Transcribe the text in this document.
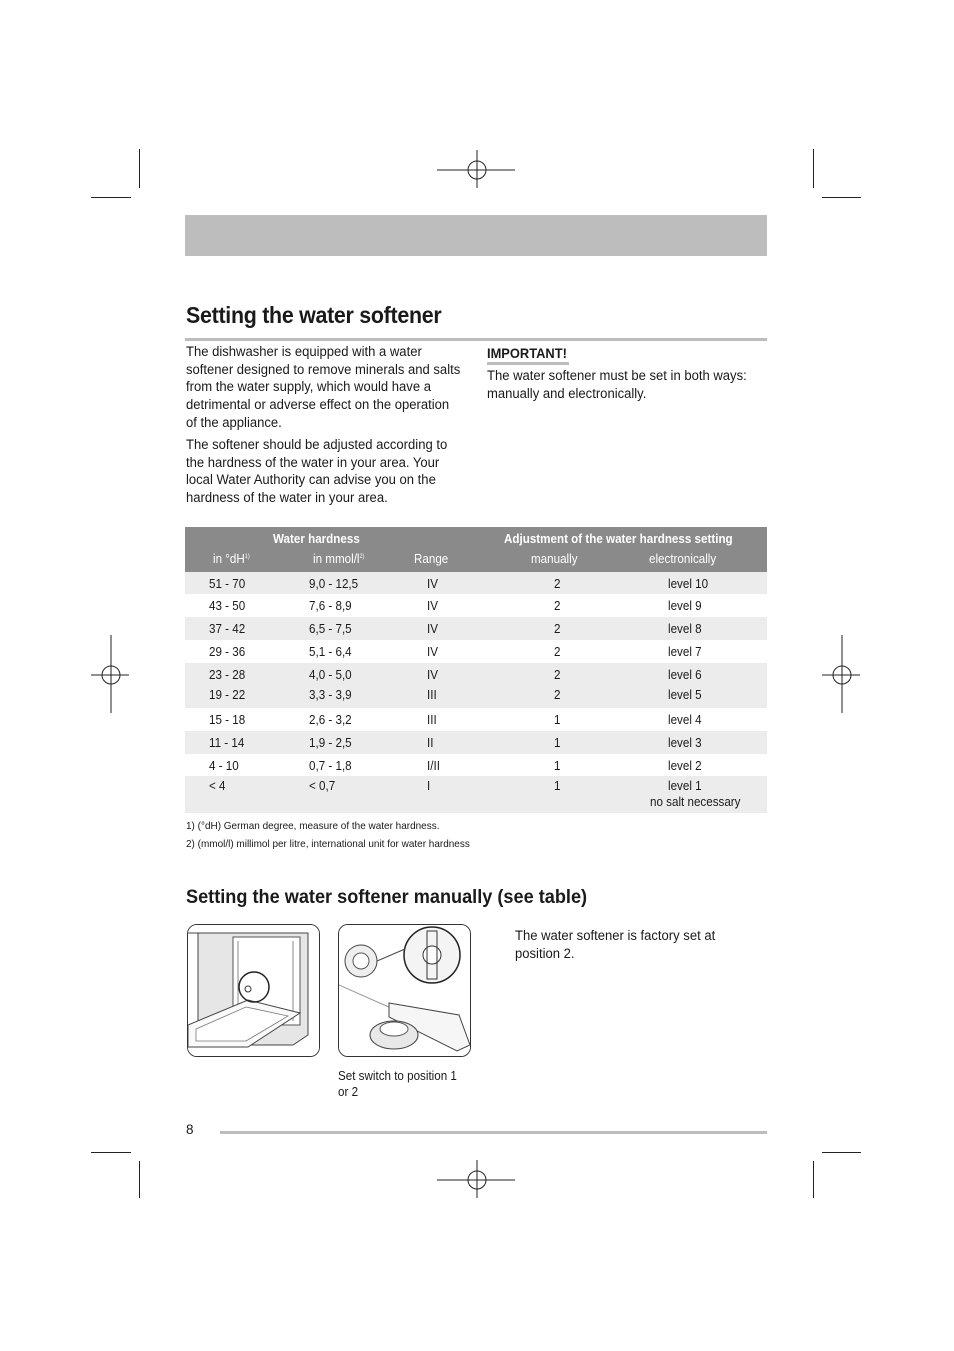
Setting the water softener
The dishwasher is equipped with a water
softener designed to remove minerals and salts
from the water supply, which would have a
detrimental or adverse effect on the operation
of the appliance.
The softener should be adjusted according to
the hardness of the water in your area. Your
local Water Authority can advise you on the
hardness of the water in your area.
IMPORTANT!
The water softener must be set in both ways:
manually and electronically.
Water hardness	Adjustment of the water hardness setting
in $^\circ dH^{1)}$	in mmol/$l^{2)}$	Range	manually	electronically
51 - 70	9,0 - 12,5	IV	2	level 10
43 - 50	7,6 - 8,9	IV	2	level 9
37 - 42	6,5 - 7,5	IV	2	level 8
29 - 36	5,1 - 6,4	IV	2	level 7
23 - 28	4,0 - 5,0	IV	2	level 6
19 - 22	3,3 - 3,9	III	2	level 5
15 - 18	2,6 - 3,2	III	1	level 4
11 - 14	1,9 - 2,5	II	1	level 3
4 - 10	0,7 - 1,8	I/II	1	level 2
< 4	< 0,7	I	1	level 1
no salt necessary
1) (°dH) German degree, measure of the water hardness.
2) (mmol/l) millimol per litre, international unit for water hardness
Setting the water softener manually (see table)
Set switch to position 1
or 2
The water softener is factory set at
position 2.
8
